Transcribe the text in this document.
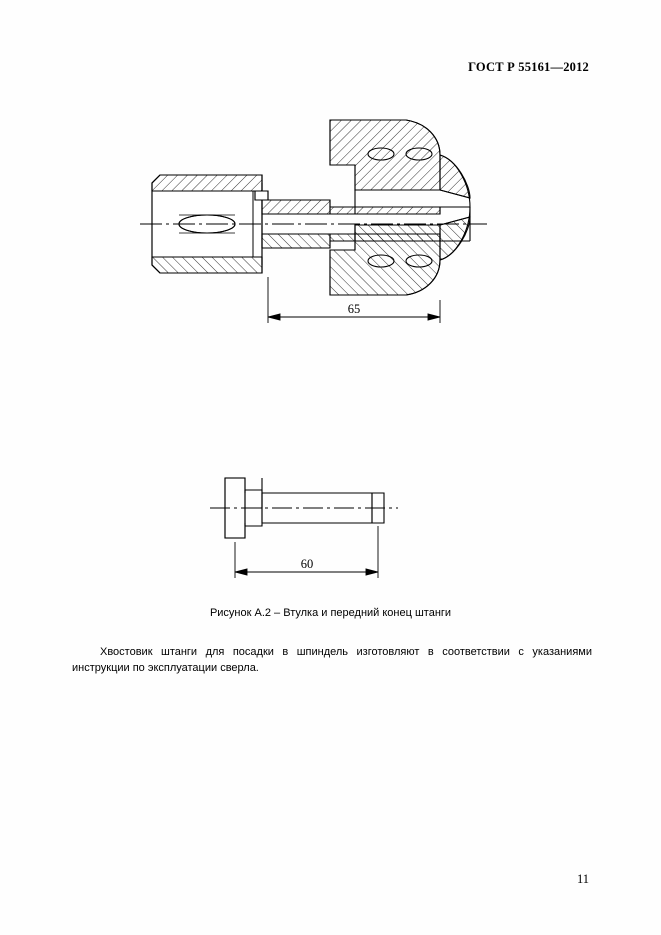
ГОСТ Р 55161—2012
65
60
Рисунок А.2 – Втулка и передний конец штанги
Хвостовик штанги для посадки в шпиндель изготовляют в соответствии с указаниями инструкции по эксплуатации сверла.
11
